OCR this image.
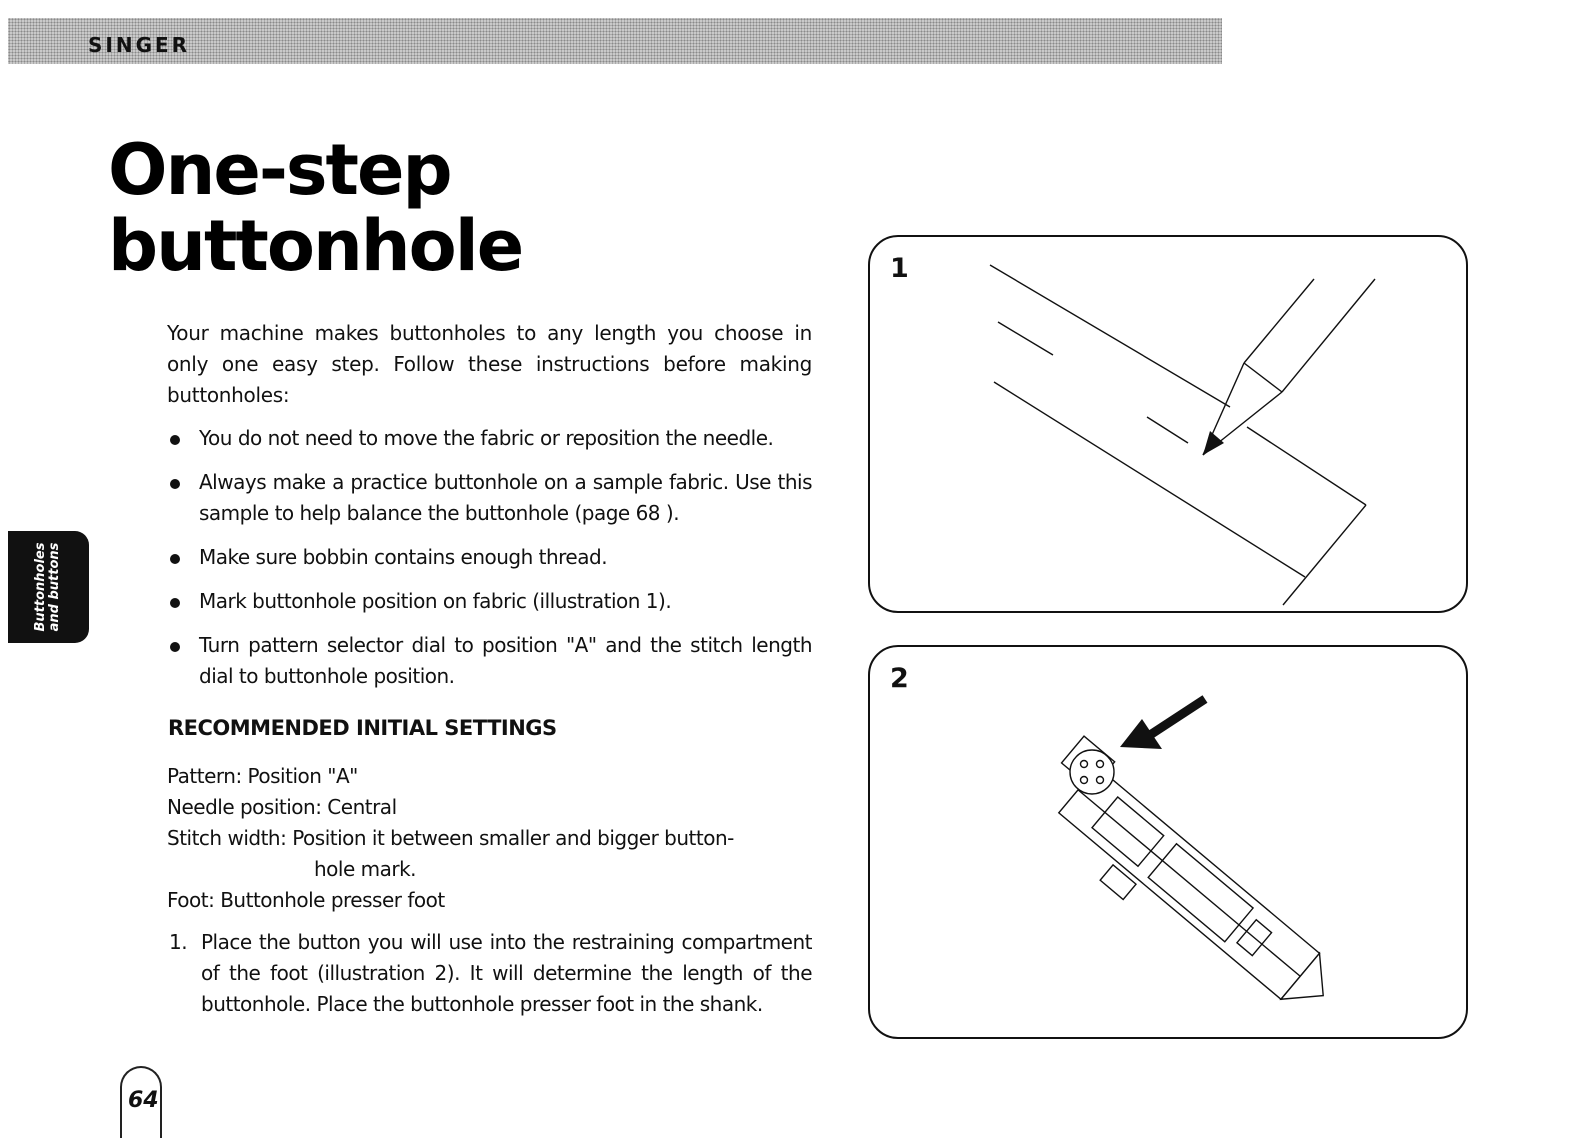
SINGER
One-step
buttonhole
Buttonholes and buttons

Your machine makes buttonholes to any length you choose in only one easy step. Follow these instructions before making buttonholes:

You do not need to move the fabric or reposition the needle.
Always make a practice buttonhole on a sample fabric. Use this sample to help balance the buttonhole (page 68 ).
Make sure bobbin contains enough thread.
Mark buttonhole position on fabric (illustration 1).
Turn pattern selector dial to position "A" and the stitch length dial to buttonhole position.
RECOMMENDED INITIAL SETTINGS
Pattern: Position "A"
Needle position: Central
Stitch width: Position it between smaller and bigger button-
hole mark.
Foot: Buttonhole presser foot
1. Place the button you will use into the restraining compartment of the foot (illustration 2). It will determine the length of the buttonhole. Place the buttonhole presser foot in the shank.
64
1
2
